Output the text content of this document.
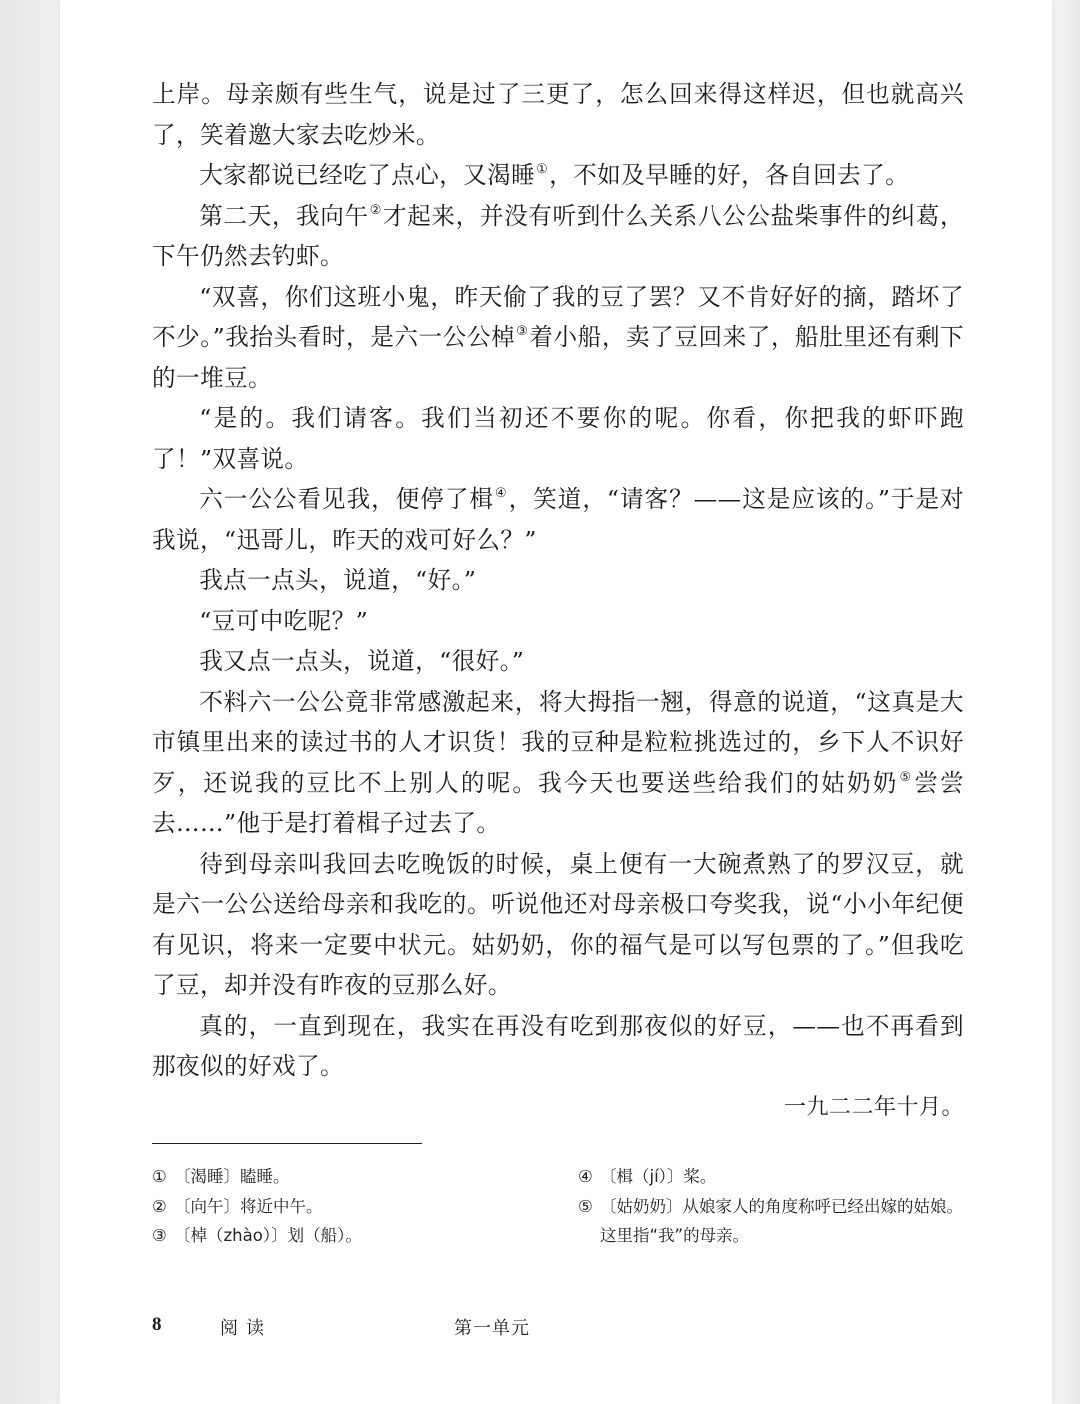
上岸。母亲颇有些生气，说是过了三更了，怎么回来得这样迟，但也就高兴了，笑着邀大家去吃炒米。

大家都说已经吃了点心，又渴睡①，不如及早睡的好，各自回去了。

第二天，我向午②才起来，并没有听到什么关系八公公盐柴事件的纠葛，下午仍然去钓虾。

“双喜，你们这班小鬼，昨天偷了我的豆了罢？又不肯好好的摘，踏坏了不少。”我抬头看时，是六一公公棹③着小船，卖了豆回来了，船肚里还有剩下的一堆豆。

“是的。我们请客。我们当初还不要你的呢。你看，你把我的虾吓跑了！”双喜说。

六一公公看见我，便停了楫④，笑道，“请客？——这是应该的。”于是对我说，“迅哥儿，昨天的戏可好么？”

我点一点头，说道，“好。”

“豆可中吃呢？”

我又点一点头，说道，“很好。”

不料六一公公竟非常感激起来，将大拇指一翘，得意的说道，“这真是大市镇里出来的读过书的人才识货！我的豆种是粒粒挑选过的，乡下人不识好歹，还说我的豆比不上别人的呢。我今天也要送些给我们的姑奶奶⑤尝尝去……”他于是打着楫子过去了。

待到母亲叫我回去吃晚饭的时候，桌上便有一大碗煮熟了的罗汉豆，就是六一公公送给母亲和我吃的。听说他还对母亲极口夸奖我，说“小小年纪便有见识，将来一定要中状元。姑奶奶，你的福气是可以写包票的了。”但我吃了豆，却并没有昨夜的豆那么好。

真的，一直到现在，我实在再没有吃到那夜似的好豆，——也不再看到那夜似的好戏了。

一九二二年十月。
① 〔渴睡〕瞌睡。
② 〔向午〕将近中午。
③ 〔棹（zhào）〕划（船）。
④ 〔楫（jí）〕桨。
⑤ 〔姑奶奶〕从娘家人的角度称呼已经出嫁的姑娘。这里指“我”的母亲。
8	阅读	第一单元
